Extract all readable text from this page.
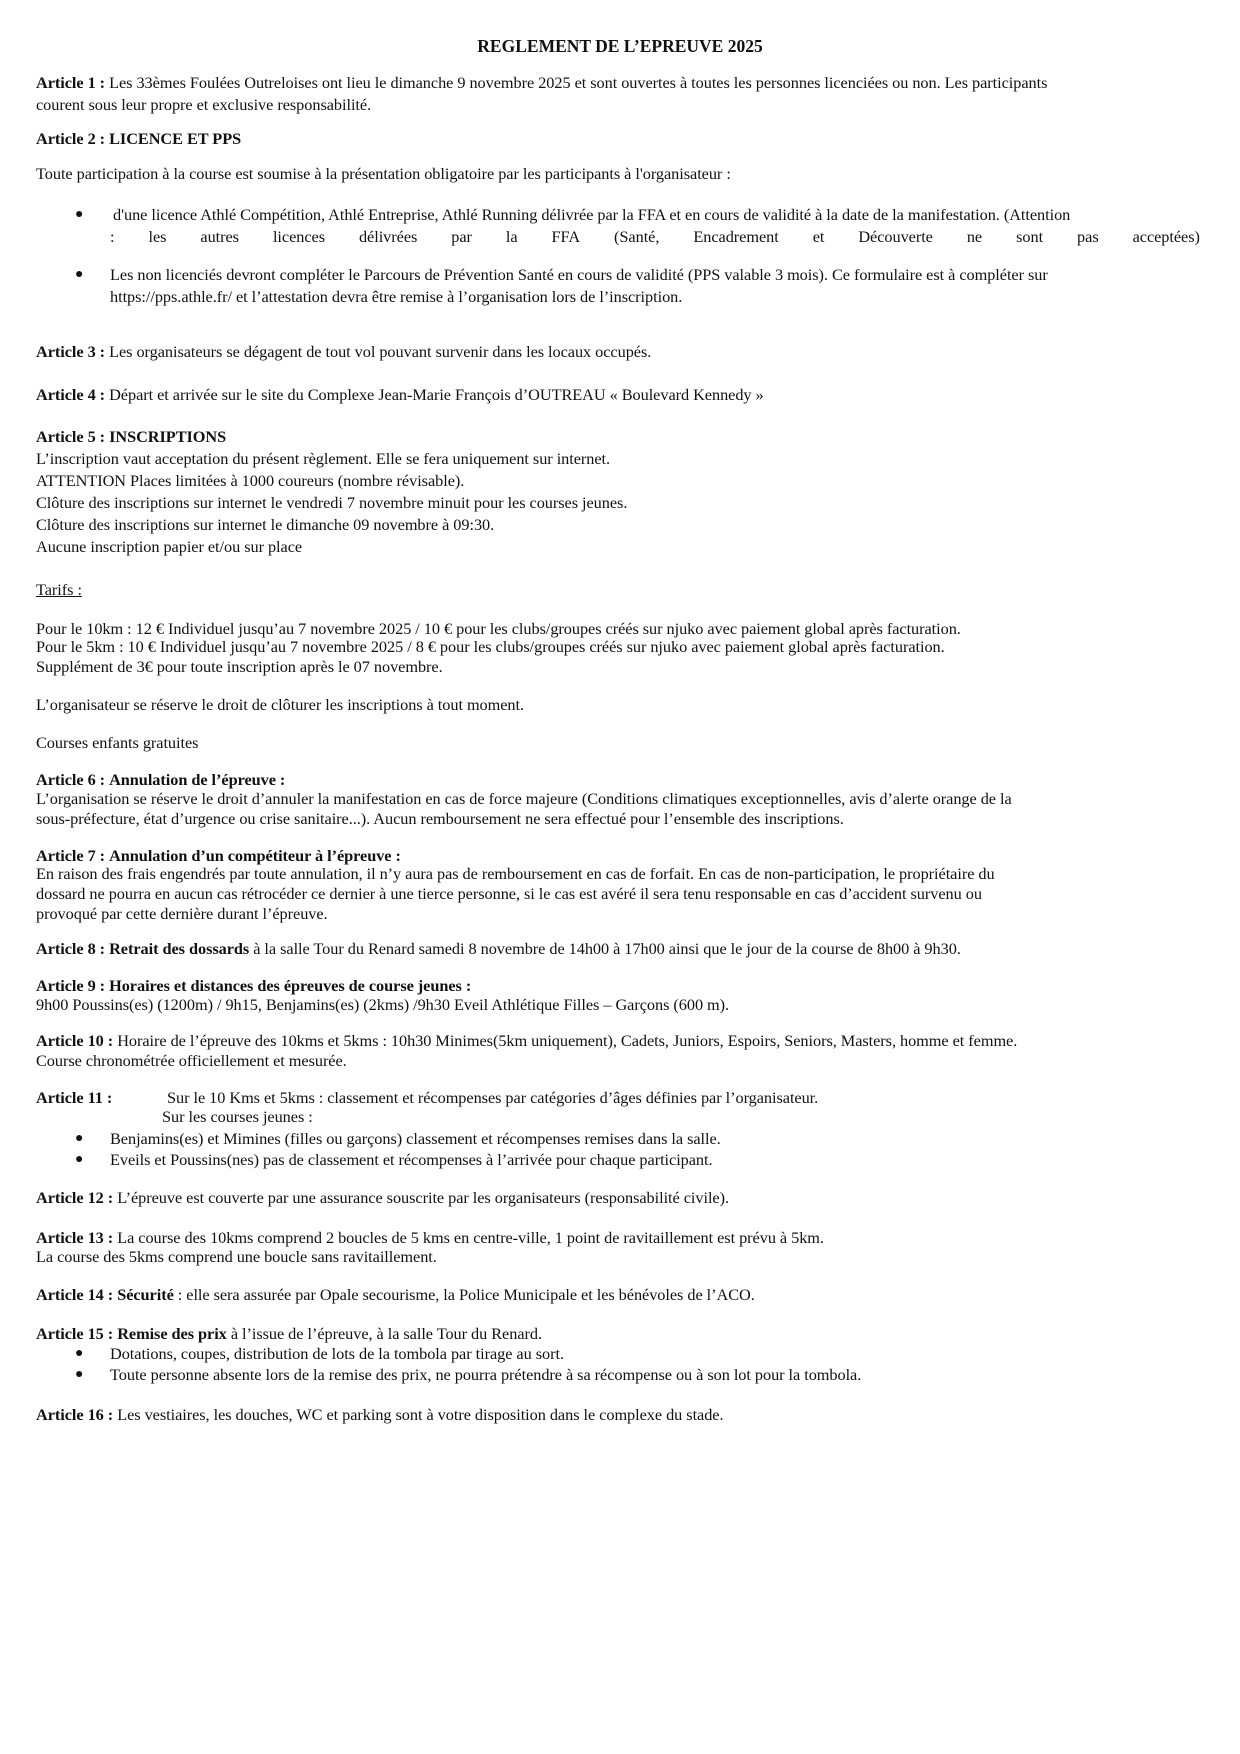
REGLEMENT DE L’EPREUVE 2025
Article 1 : Les 33èmes Foulées Outreloises ont lieu le dimanche 9 novembre 2025 et sont ouvertes à toutes les personnes licenciées ou non. Les participants
courent sous leur propre et exclusive responsabilité.
Article 2 : LICENCE ET PPS
Toute participation à la course est soumise à la présentation obligatoire par les participants à l'organisateur :
● d'une licence Athlé Compétition, Athlé Entreprise, Athlé Running délivrée par la FFA et en cours de validité à la date de la manifestation. (Attention
: les autres licences délivrées par la FFA (Santé, Encadrement et Découverte ne sont pas acceptées)
● Les non licenciés devront compléter le Parcours de Prévention Santé en cours de validité (PPS valable 3 mois). Ce formulaire est à compléter sur
https://pps.athle.fr/ et l’attestation devra être remise à l’organisation lors de l’inscription.
Article 3 : Les organisateurs se dégagent de tout vol pouvant survenir dans les locaux occupés.
Article 4 : Départ et arrivée sur le site du Complexe Jean-Marie François d’OUTREAU « Boulevard Kennedy »
Article 5 : INSCRIPTIONS
L’inscription vaut acceptation du présent règlement. Elle se fera uniquement sur internet.
ATTENTION Places limitées à 1000 coureurs (nombre révisable).
Clôture des inscriptions sur internet le vendredi 7 novembre minuit pour les courses jeunes.
Clôture des inscriptions sur internet le dimanche 09 novembre à 09:30.
Aucune inscription papier et/ou sur place
Tarifs :
Pour le 10km : 12 € Individuel jusqu’au 7 novembre 2025 / 10 € pour les clubs/groupes créés sur njuko avec paiement global après facturation.
Pour le 5km : 10 € Individuel jusqu’au 7 novembre 2025 / 8 € pour les clubs/groupes créés sur njuko avec paiement global après facturation.
Supplément de 3€ pour toute inscription après le 07 novembre.
L’organisateur se réserve le droit de clôturer les inscriptions à tout moment.
Courses enfants gratuites
Article 6 : Annulation de l’épreuve :
L’organisation se réserve le droit d’annuler la manifestation en cas de force majeure (Conditions climatiques exceptionnelles, avis d’alerte orange de la
sous-préfecture, état d’urgence ou crise sanitaire...). Aucun remboursement ne sera effectué pour l’ensemble des inscriptions.
Article 7 : Annulation d’un compétiteur à l’épreuve :
En raison des frais engendrés par toute annulation, il n’y aura pas de remboursement en cas de forfait. En cas de non-participation, le propriétaire du
dossard ne pourra en aucun cas rétrocéder ce dernier à une tierce personne, si le cas est avéré il sera tenu responsable en cas d’accident survenu ou
provoqué par cette dernière durant l’épreuve.
Article 8 : Retrait des dossards à la salle Tour du Renard samedi 8 novembre de 14h00 à 17h00 ainsi que le jour de la course de 8h00 à 9h30.
Article 9 : Horaires et distances des épreuves de course jeunes :
9h00 Poussins(es) (1200m) / 9h15, Benjamins(es) (2kms) /9h30 Eveil Athlétique Filles – Garçons (600 m).
Article 10 : Horaire de l’épreuve des 10kms et 5kms : 10h30 Minimes(5km uniquement), Cadets, Juniors, Espoirs, Seniors, Masters, homme et femme.
Course chronométrée officiellement et mesurée.
Article 11 :	Sur le 10 Kms et 5kms : classement et récompenses par catégories d’âges définies par l’organisateur.
Sur les courses jeunes :
● Benjamins(es) et Mimines (filles ou garçons) classement et récompenses remises dans la salle.
● Eveils et Poussins(nes) pas de classement et récompenses à l’arrivée pour chaque participant.
Article 12 : L’épreuve est couverte par une assurance souscrite par les organisateurs (responsabilité civile).
Article 13 : La course des 10kms comprend 2 boucles de 5 kms en centre-ville, 1 point de ravitaillement est prévu à 5km.
La course des 5kms comprend une boucle sans ravitaillement.
Article 14 : Sécurité : elle sera assurée par Opale secourisme, la Police Municipale et les bénévoles de l’ACO.
Article 15 : Remise des prix à l’issue de l’épreuve, à la salle Tour du Renard.
● Dotations, coupes, distribution de lots de la tombola par tirage au sort.
● Toute personne absente lors de la remise des prix, ne pourra prétendre à sa récompense ou à son lot pour la tombola.
Article 16 : Les vestiaires, les douches, WC et parking sont à votre disposition dans le complexe du stade.
